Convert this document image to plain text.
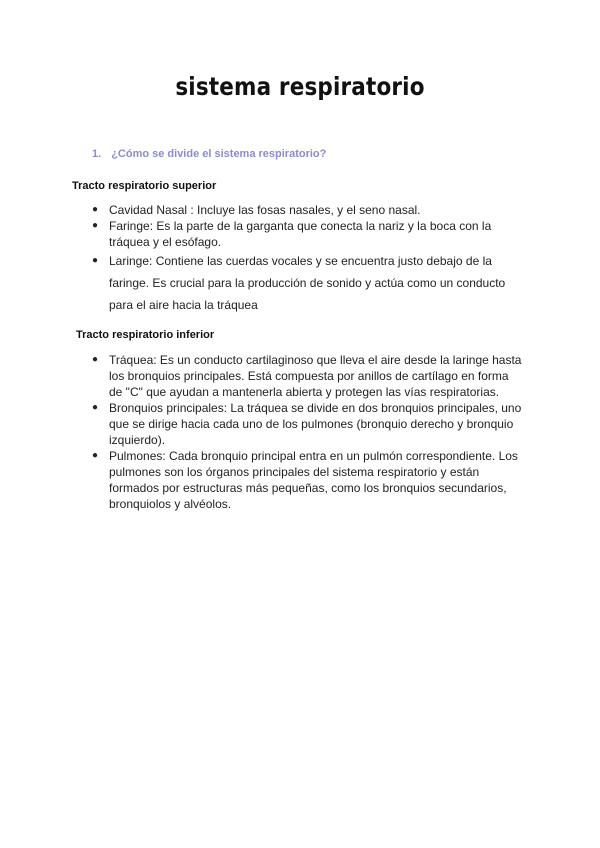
sistema respiratorio
1. ¿Cómo se divide el sistema respiratorio?
Tracto respiratorio superior
● Cavidad Nasal : Incluye las fosas nasales, y el seno nasal.
● Faringe: Es la parte de la garganta que conecta la nariz y la boca con la tráquea y el esófago.
● Laringe: Contiene las cuerdas vocales y se encuentra justo debajo de la faringe. Es crucial para la producción de sonido y actúa como un conducto para el aire hacia la tráquea
Tracto respiratorio inferior
● Tráquea: Es un conducto cartilaginoso que lleva el aire desde la laringe hasta los bronquios principales. Está compuesta por anillos de cartílago en forma de "C" que ayudan a mantenerla abierta y protegen las vías respiratorias.
● Bronquios principales: La tráquea se divide en dos bronquios principales, uno que se dirige hacia cada uno de los pulmones (bronquio derecho y bronquio izquierdo).
● Pulmones: Cada bronquio principal entra en un pulmón correspondiente. Los pulmones son los órganos principales del sistema respiratorio y están formados por estructuras más pequeñas, como los bronquios secundarios, bronquiolos y alvéolos.
